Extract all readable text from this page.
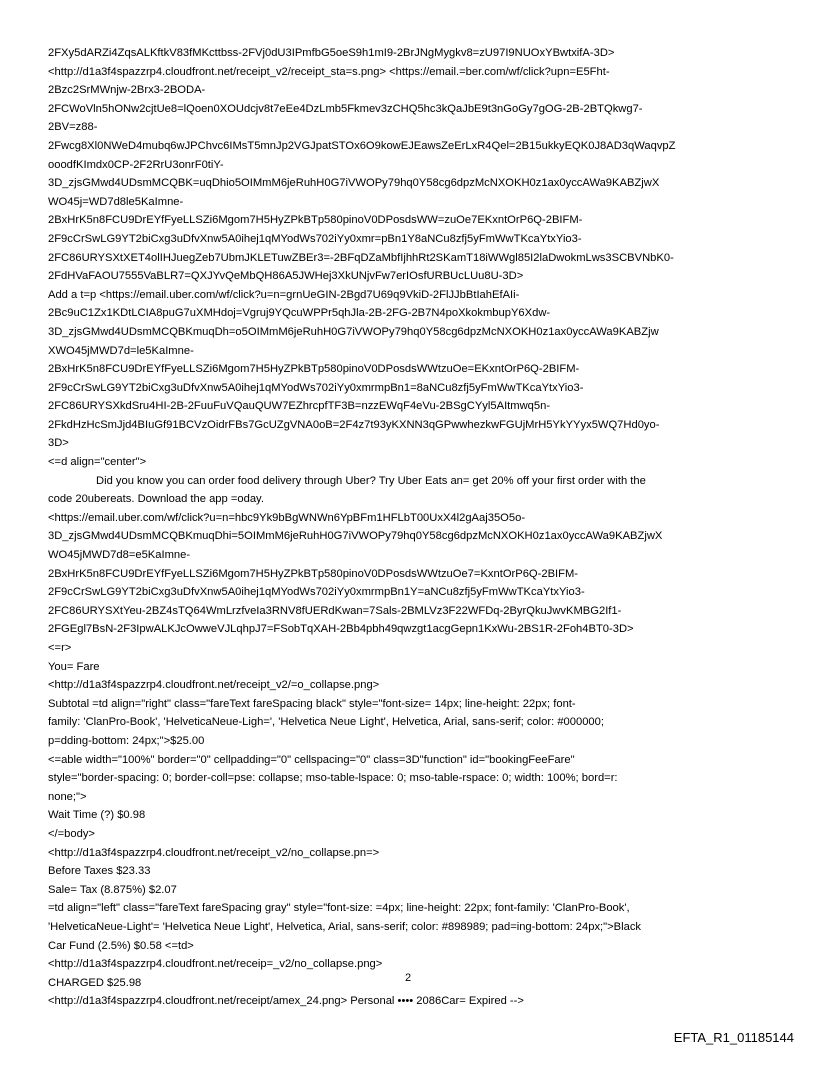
2FXy5dARZi4ZqsALKftkV83fMKcttbss-2FVj0dU3IPmfbG5oeS9h1mI9-2BrJNgMygkv8=zU97I9NUOxYBwtxifA-3D>
<http://d1a3f4spazzrp4.cloudfront.net/receipt_v2/receipt_sta=s.png> <https://email.=ber.com/wf/click?upn=E5Fht-
2Bzc2SrMWnjw-2Brx3-2BODA-
2FCWoVln5hONw2cjtUe8=lQoen0XOUdcjv8t7eEe4DzLmb5Fkmev3zCHQ5hc3kQaJbE9t3nGoGy7gOG-2B-2BTQkwg7-
2BV=z88-
2Fwcg8Xl0NWeD4mubq6wJPChvc6IMsT5mnJp2VGJpatSTOx6O9kowEJEawsZeErLxR4Qel=2B15ukkyEQK0J8AD3qWaqvpZ
ooodfKImdx0CP-2F2RrU3onrF0tiY-
3D_zjsGMwd4UDsmMCQBK=uqDhio5OIMmM6jeRuhH0G7iVWOPy79hq0Y58cg6dpzMcNXOKH0z1ax0yccAWa9KABZjwX
WO45j=WD7d8le5KaImne-
2BxHrK5n8FCU9DrEYfFyeLLSZi6Mgom7H5HyZPkBTp580pinoV0DPosdsWW=zuOe7EKxntOrP6Q-2BIFM-
2F9cCrSwLG9YT2biCxg3uDfvXnw5A0ihej1qMYodWs702iYy0xmr=pBn1Y8aNCu8zfj5yFmWwTKcaYtxYio3-
2FC86URYSXtXET4olIHJuegZeb7UbmJKLETuwZBEr3=-2BFqDZaMbfIjhhRt2SKamT18iWWgl85I2laDwokmLws3SCBVNbK0-
2FdHVaFAOU7555VaBLR7=QXJYvQeMbQH86A5JWHej3XkUNjvFw7erIOsfURBUcLUu8U-3D>
Add a t=p <https://email.uber.com/wf/click?u=n=grnUeGIN-2Bgd7U69q9VkiD-2FlJJbBtIahEfAIi-
2Bc9uC1Zx1KDtLCIA8puG7uXMHdoj=Vgruj9YQcuWPPr5qhJla-2B-2FG-2B7N4poXkokmbupY6Xdw-
3D_zjsGMwd4UDsmMCQBKmuqDh=o5OIMmM6jeRuhH0G7iVWOPy79hq0Y58cg6dpzMcNXOKH0z1ax0yccAWa9KABZjw
XWO45jMWD7d=le5KaImne-
2BxHrK5n8FCU9DrEYfFyeLLSZi6Mgom7H5HyZPkBTp580pinoV0DPosdsWWtzuOe=EKxntOrP6Q-2BIFM-
2F9cCrSwLG9YT2biCxg3uDfvXnw5A0ihej1qMYodWs702iYy0xmrmpBn1=8aNCu8zfj5yFmWwTKcaYtxYio3-
2FC86URYSXkdSru4HI-2B-2FuuFuVQauQUW7EZhrcpfTF3B=nzzEWqF4eVu-2BSgCYyl5AItmwq5n-
2FkdHzHcSmJjd4BIuGf91BCVzOidrFBs7GcUZgVNA0oB=2F4z7t93yKXNN3qGPwwhezkwFGUjMrH5YkYYyx5WQ7Hd0yo-
3D>
<=d align="center">
Did you know you can order food delivery through Uber? Try Uber Eats an= get 20% off your first order with the
code 20ubereats. Download the app =oday.
<https://email.uber.com/wf/click?u=n=hbc9Yk9bBgWNWn6YpBFm1HFLbT00UxX4l2gAaj35O5o-
3D_zjsGMwd4UDsmMCQBKmuqDhi=5OIMmM6jeRuhH0G7iVWOPy79hq0Y58cg6dpzMcNXOKH0z1ax0yccAWa9KABZjwX
WO45jMWD7d8=e5KaImne-
2BxHrK5n8FCU9DrEYfFyeLLSZi6Mgom7H5HyZPkBTp580pinoV0DPosdsWWtzuOe7=KxntOrP6Q-2BIFM-
2F9cCrSwLG9YT2biCxg3uDfvXnw5A0ihej1qMYodWs702iYy0xmrmpBn1Y=aNCu8zfj5yFmWwTKcaYtxYio3-
2FC86URYSXtYeu-2BZ4sTQ64WmLrzfveIa3RNV8fUERdKwan=7Sals-2BMLVz3F22WFDq-2ByrQkuJwvKMBG2If1-
2FGEgl7BsN-2F3IpwALKJcOwweVJLqhpJ7=FSobTqXAH-2Bb4pbh49qwzgt1acgGepn1KxWu-2BS1R-2Foh4BT0-3D>
<=r>
You= Fare
<http://d1a3f4spazzrp4.cloudfront.net/receipt_v2/=o_collapse.png>
Subtotal =td align="right" class="fareText fareSpacing black" style="font-size= 14px; line-height: 22px; font-
family: 'ClanPro-Book', 'HelveticaNeue-Ligh=', 'Helvetica Neue Light', Helvetica, Arial, sans-serif; color: #000000;
p=dding-bottom: 24px;">$25.00
<=able width="100%" border="0" cellpadding="0" cellspacing="0" class=3D"function" id="bookingFeeFare"
style="border-spacing: 0; border-coll=pse: collapse; mso-table-lspace: 0; mso-table-rspace: 0; width: 100%; bord=r:
none;">
Wait Time (?) $0.98
</=body>
<http://d1a3f4spazzrp4.cloudfront.net/receipt_v2/no_collapse.pn=>
Before Taxes $23.33
Sale= Tax (8.875%) $2.07
=td align="left" class="fareText fareSpacing gray" style="font-size: =4px; line-height: 22px; font-family: 'ClanPro-Book',
'HelveticaNeue-Light'= 'Helvetica Neue Light', Helvetica, Arial, sans-serif; color: #898989; pad=ing-bottom: 24px;">Black
Car Fund (2.5%) $0.58 <=td>
<http://d1a3f4spazzrp4.cloudfront.net/receip=_v2/no_collapse.png>
CHARGED $25.98
<http://d1a3f4spazzrp4.cloudfront.net/receipt/amex_24.png> Personal •••• 2086Car= Expired -->
2
EFTA_R1_01185144
